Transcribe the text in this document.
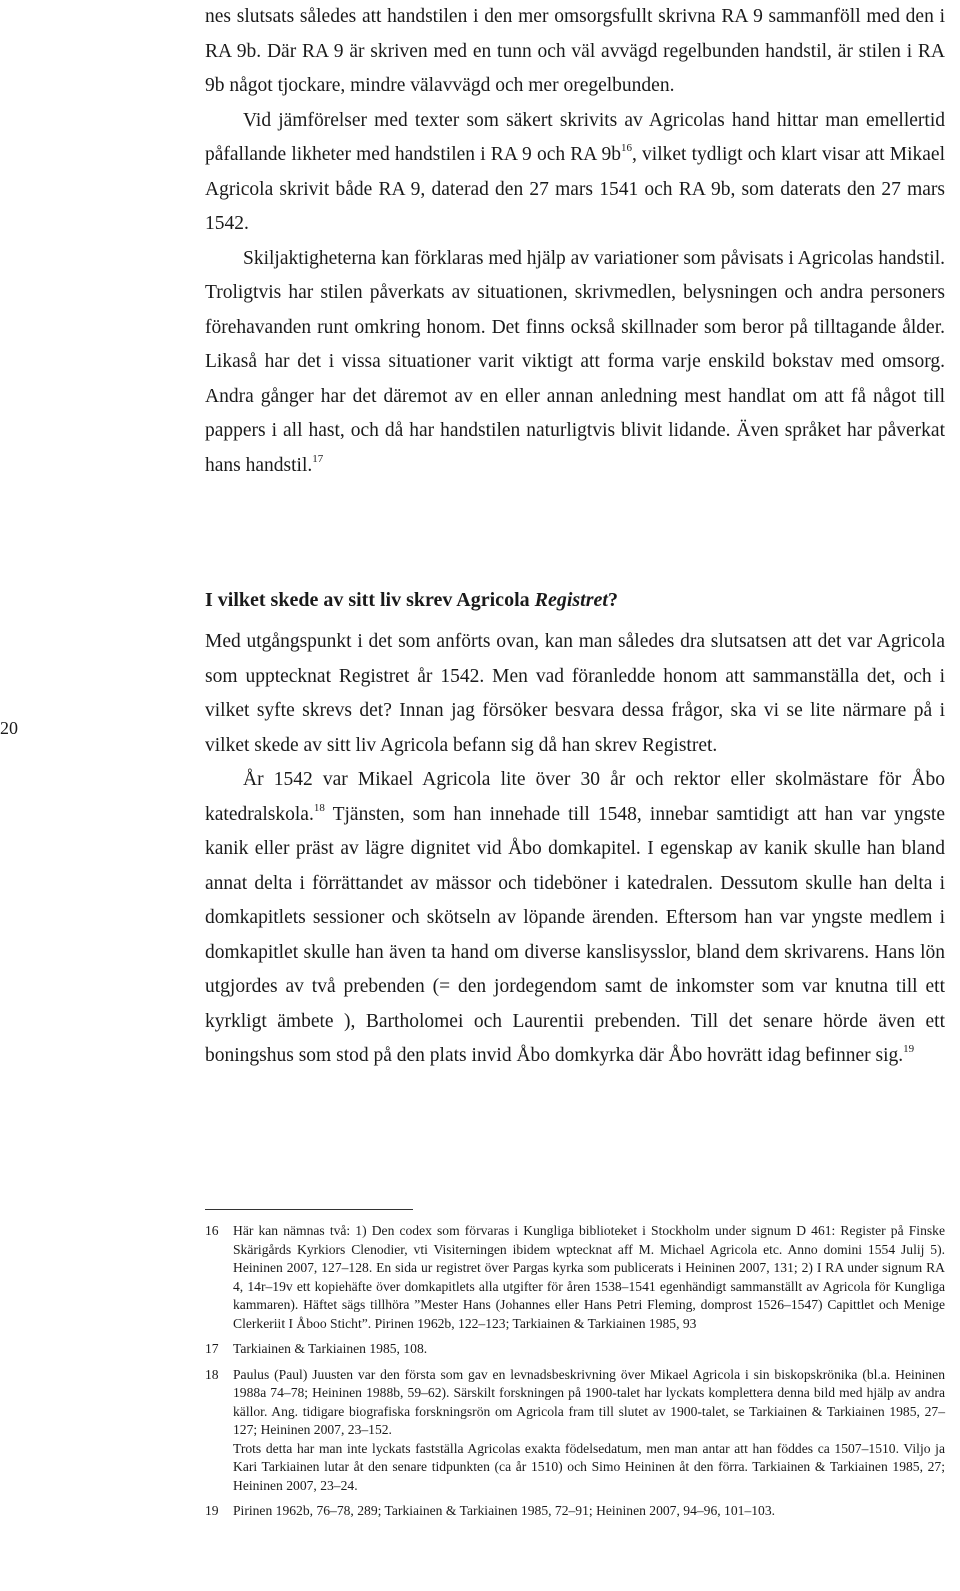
20

nes slutsats således att handstilen i den mer omsorgsfullt skrivna RA 9 sammanföll med den i RA 9b. Där RA 9 är skriven med en tunn och väl avvägd regelbunden handstil, är stilen i RA 9b något tjockare, mindre välavvägd och mer oregelbunden.

Vid jämförelser med texter som säkert skrivits av Agricolas hand hittar man emellertid påfallande likheter med handstilen i RA 9 och RA $9b^{16}$, vilket tydligt och klart visar att Mikael Agricola skrivit både RA 9, daterad den 27 mars 1541 och RA 9b, som daterats den 27 mars 1542.

Skiljaktigheterna kan förklaras med hjälp av variationer som påvisats i Agricolas handstil. Troligtvis har stilen påverkats av situationen, skrivmedlen, belysningen och andra personers förehavanden runt omkring honom. Det finns också skillnader som beror på tilltagande ålder. Likaså har det i vissa situationer varit viktigt att forma varje enskild bokstav med omsorg. Andra gånger har det däremot av en eller annan anledning mest handlat om att få något till pappers i all hast, och då har handstilen naturligtvis blivit lidande. Även språket har påverkat hans handstil.$^{17}$

I vilket skede av sitt liv skrev Agricola Registret?

Med utgångspunkt i det som anförts ovan, kan man således dra slutsatsen att det var Agricola som upptecknat Registret år 1542. Men vad föranledde honom att sammanställa det, och i vilket syfte skrevs det? Innan jag försöker besvara dessa frågor, ska vi se lite närmare på i vilket skede av sitt liv Agricola befann sig då han skrev Registret.

År 1542 var Mikael Agricola lite över 30 år och rektor eller skolmästare för Åbo katedralskola.$^{18}$ Tjänsten, som han innehade till 1548, innebar samtidigt att han var yngste kanik eller präst av lägre dignitet vid Åbo domkapitel. I egenskap av kanik skulle han bland annat delta i förrättandet av mässor och tideböner i katedralen. Dessutom skulle han delta i domkapitlets sessioner och skötseln av löpande ärenden. Eftersom han var yngste medlem i domkapitlet skulle han även ta hand om diverse kanslisysslor, bland dem skrivarens. Hans lön utgjordes av två prebenden (= den jordegendom samt de inkomster som var knutna till ett kyrkligt ämbete ), Bartholomei och Laurentii prebenden. Till det senare hörde även ett boningshus som stod på den plats invid Åbo domkyrka där Åbo hovrätt idag befinner sig.$^{19}$

16 Här kan nämnas två: 1) Den codex som förvaras i Kungliga biblioteket i Stockholm under signum D 461: Register på Finske Skärigårds Kyrkiors Clenodier, vti Visiterningen ibidem wptecknat aff M. Michael Agricola etc. Anno domini 1554 Julij 5). Heininen 2007, 127–128. En sida ur registret över Pargas kyrka som publicerats i Heininen 2007, 131; 2) I RA under signum RA 4, 14r–19v ett kopiehäfte över domkapitlets alla utgifter för åren 1538–1541 egenhändigt sammanställt av Agricola för Kungliga kammaren). Häftet sägs tillhöra ”Mester Hans (Johannes eller Hans Petri Fleming, domprost 1526–1547) Capittlet och Menige Clerkeriit I Åboo Sticht”. Pirinen 1962b, 122–123; Tarkiainen & Tarkiainen 1985, 93
17 Tarkiainen & Tarkiainen 1985, 108.
18 Paulus (Paul) Juusten var den första som gav en levnadsbeskrivning över Mikael Agricola i sin biskopskrönika (bl.a. Heininen 1988a 74–78; Heininen 1988b, 59–62). Särskilt forskningen på 1900-talet har lyckats komplettera denna bild med hjälp av andra källor. Ang. tidigare biografiska forskningsrön om Agricola fram till slutet av 1900-talet, se Tarkiainen & Tarkiainen 1985, 27–127; Heininen 2007, 23–152.
Trots detta har man inte lyckats fastställa Agricolas exakta födelsedatum, men man antar att han föddes ca 1507–1510. Viljo ja Kari Tarkiainen lutar åt den senare tidpunkten (ca år 1510) och Simo Heininen åt den förra. Tarkiainen & Tarkiainen 1985, 27; Heininen 2007, 23–24.
19 Pirinen 1962b, 76–78, 289; Tarkiainen & Tarkiainen 1985, 72–91; Heininen 2007, 94–96, 101–103.
